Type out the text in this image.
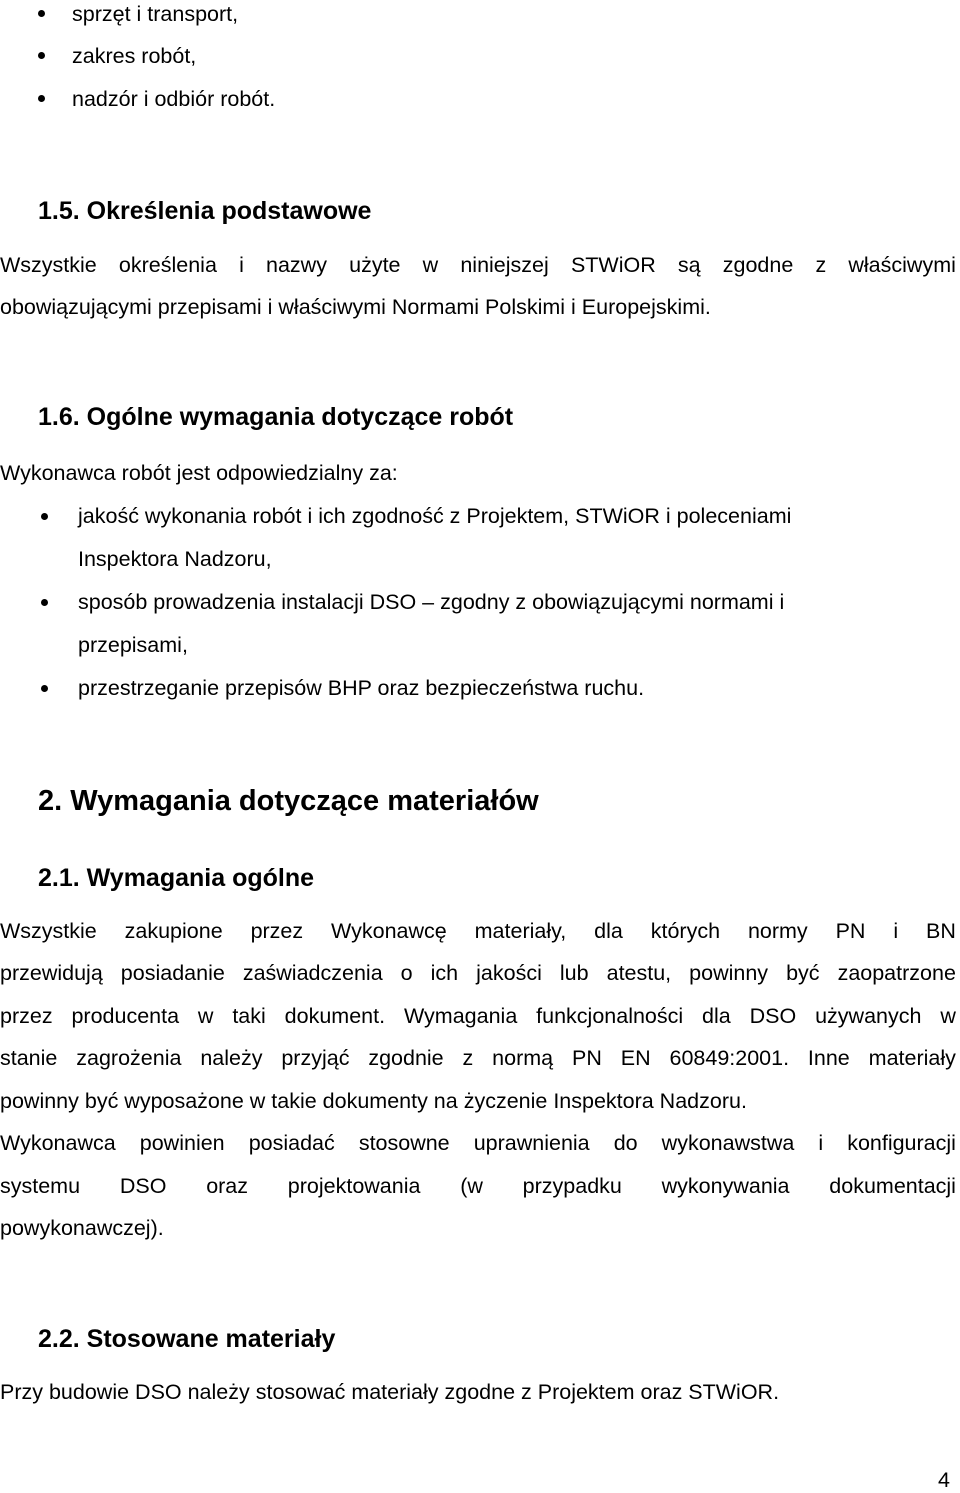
sprzęt i transport,
zakres robót,
nadzór i odbiór robót.
1.5. Określenia podstawowe
Wszystkie określenia i nazwy użyte w niniejszej STWiOR są zgodne z właściwymi
obowiązującymi przepisami i właściwymi Normami Polskimi i Europejskimi.
1.6. Ogólne wymagania dotyczące robót
Wykonawca robót jest odpowiedzialny za:
jakość wykonania robót i ich zgodność z Projektem, STWiOR i poleceniami
Inspektora Nadzoru,
sposób prowadzenia instalacji DSO – zgodny z obowiązującymi normami i
przepisami,
przestrzeganie przepisów BHP oraz bezpieczeństwa ruchu.
2. Wymagania dotyczące materiałów
2.1. Wymagania ogólne
Wszystkie zakupione przez Wykonawcę materiały, dla których normy PN i BN
przewidują posiadanie zaświadczenia o ich jakości lub atestu, powinny być zaopatrzone
przez producenta w taki dokument. Wymagania funkcjonalności dla DSO używanych w
stanie zagrożenia należy przyjąć zgodnie z normą PN EN 60849:2001. Inne materiały
powinny być wyposażone w takie dokumenty na życzenie Inspektora Nadzoru.
Wykonawca powinien posiadać stosowne uprawnienia do wykonawstwa i konfiguracji
systemu DSO oraz projektowania (w przypadku wykonywania dokumentacji
powykonawczej).
2.2. Stosowane materiały
Przy budowie DSO należy stosować materiały zgodne z Projektem oraz STWiOR.
4
